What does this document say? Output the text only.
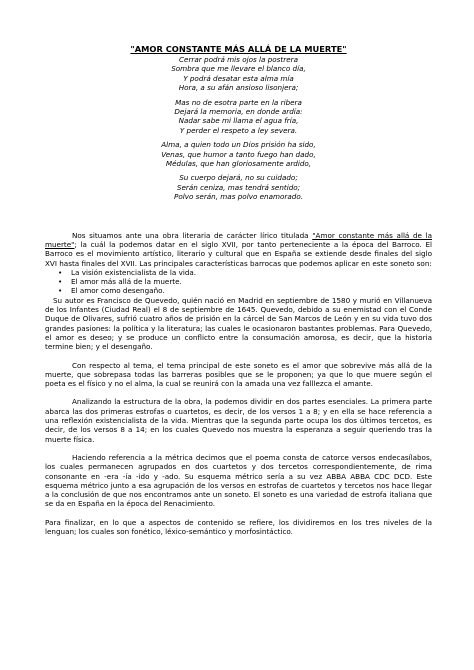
"AMOR CONSTANTE MÁS ALLÁ DE LA MUERTE"
Cerrar podrá mis ojos la postrera
Sombra que me llevare el blanco día,
Y podrá desatar esta alma mía
Hora, a su afán ansioso lisonjera;
Mas no de esotra parte en la ribera
Dejará la memoria, en donde ardía:
Nadar sabe mi llama el agua fría,
Y perder el respeto a ley severa.
Alma, a quien todo un Dios prisión ha sido,
Venas, que humor a tanto fuego han dado,
Médulas, que han gloriosamente ardido,
Su cuerpo dejará, no su cuidado;
Serán ceniza, mas tendrá sentido;
Polvo serán, mas polvo enamorado.

Nos situamos ante una obra literaria de carácter lírico titulada "Amor constante más allá de la muerte"; la cuál la podemos datar en el siglo XVII, por tanto perteneciente a la época del Barroco. El Barroco es el movimiento artístico, literario y cultural que en España se extiende desde finales del siglo XVI hasta finales del XVII. Las principales características barrocas que podemos aplicar en este soneto son:

• La visión existencialista de la vida.
• El amor más allá de la muerte.
• El amor como desengaño.

Su autor es Francisco de Quevedo, quién nació en Madrid en septiembre de 1580 y murió en Villanueva de los Infantes (Ciudad Real) el 8 de septiembre de 1645. Quevedo, debido a su enemistad con el Conde Duque de Olivares, sufrió cuatro años de prisión en la cárcel de San Marcos de León y en su vida tuvo dos grandes pasiones: la política y la literatura; las cuales le ocasionaron bastantes problemas. Para Quevedo, el amor es deseo; y se produce un conflicto entre la consumación amorosa, es decir, que la historia termine bien; y el desengaño.

Con respecto al tema, el tema principal de este soneto es el amor que sobrevive más allá de la muerte, que sobrepasa todas las barreras posibles que se le proponen; ya que lo que muere según el poeta es el físico y no el alma, la cual se reunirá con la amada una vez falllezca el amante.

Analizando la estructura de la obra, la podemos dividir en dos partes esenciales. La primera parte abarca las dos primeras estrofas o cuartetos, es decir, de los versos 1 a 8; y en ella se hace referencia a una reflexión existencialista de la vida. Mientras que la segunda parte ocupa los dos últimos tercetos, es decir, de los versos 8 a 14; en los cuales Quevedo nos muestra la esperanza a seguir queriendo tras la muerte física.

Haciendo referencia a la métrica decimos que el poema consta de catorce versos endecasílabos, los cuales permanecen agrupados en dos cuartetos y dos tercetos correspondientemente, de rima consonante en -era -ía -ido y -ado. Su esquema métrico sería a su vez ABBA ABBA CDC DCD. Este esquema métrico junto a esa agrupación de los versos en estrofas de cuartetos y tercetos nos hace llegar a la conclusión de que nos encontramos ante un soneto. El soneto es una variedad de estrofa italiana que se da en España en la época del Renacimiento.

Para finalizar, en lo que a aspectos de contenido se refiere, los dividiremos en los tres niveles de la lenguan; los cuales son fonético, léxico-semántico y morfosintáctico.
